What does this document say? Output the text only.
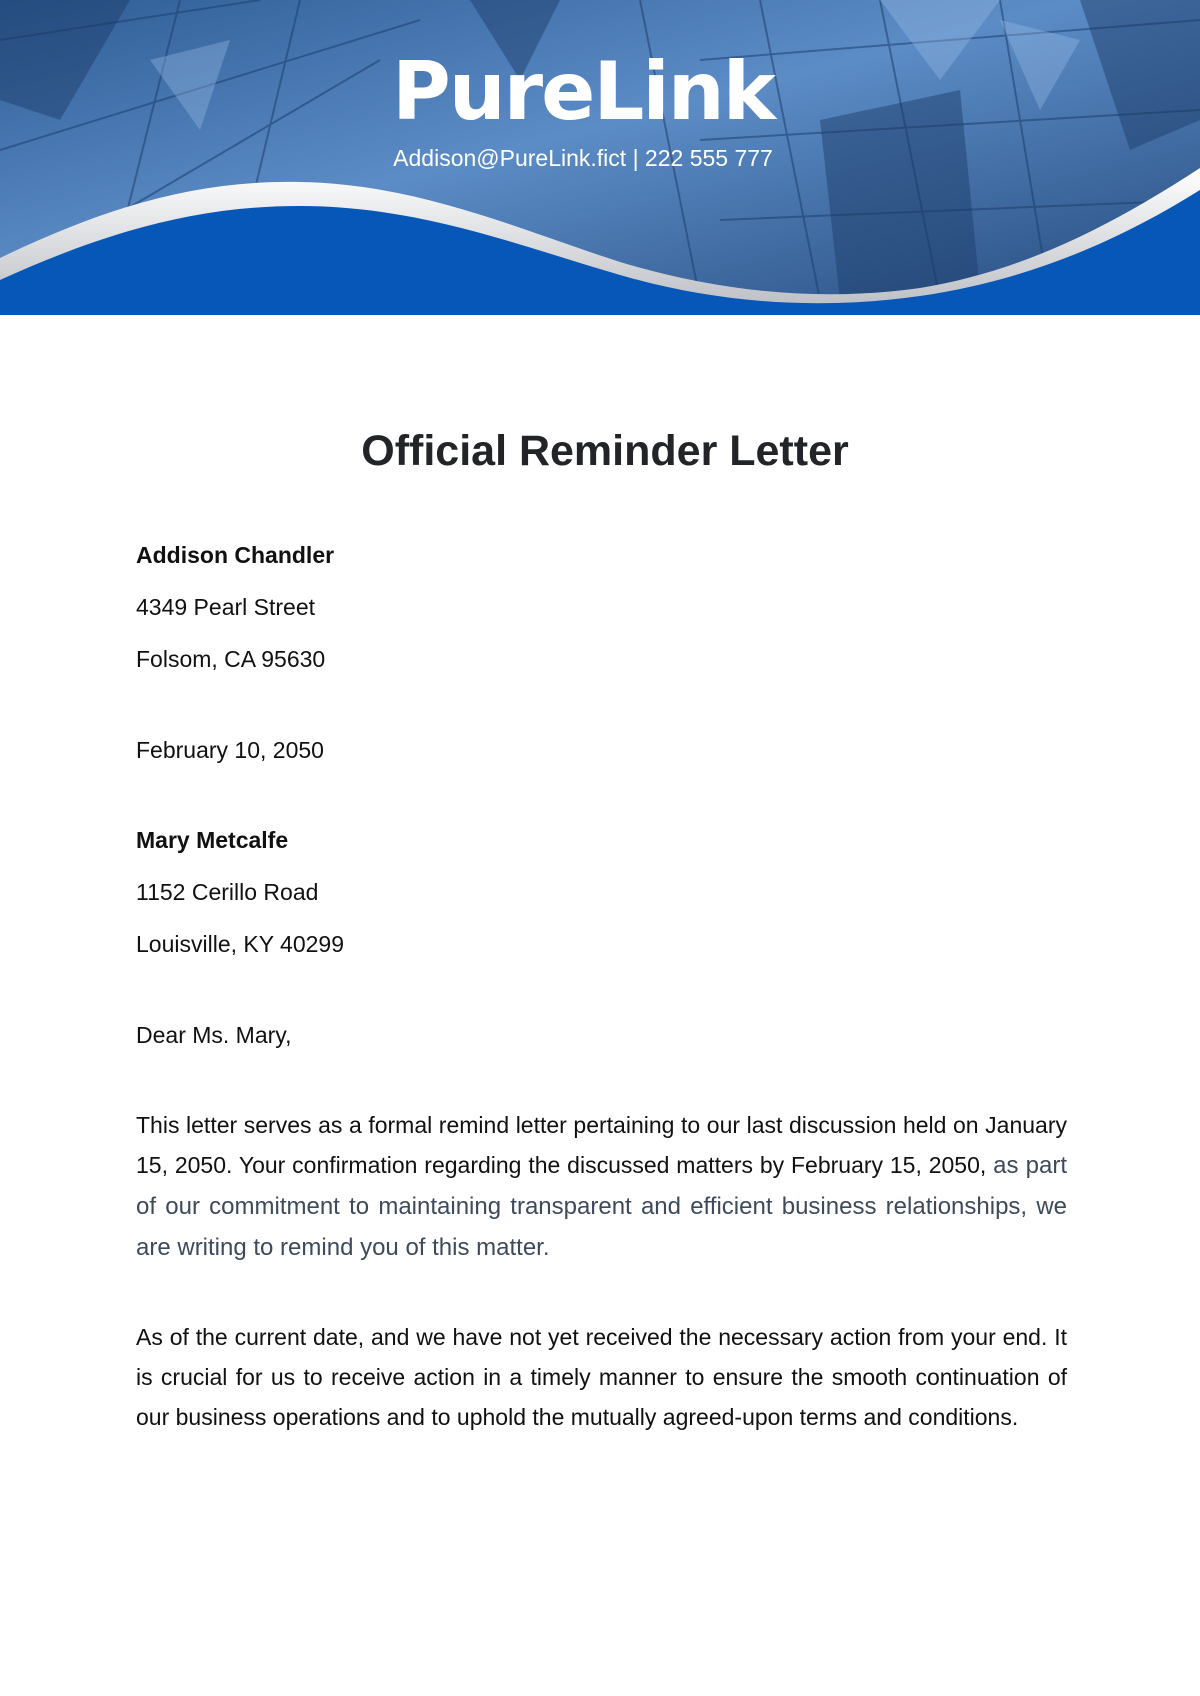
PureLink
Addison@PureLink.fict | 222 555 777
Official Reminder Letter
Addison Chandler
4349 Pearl Street
Folsom, CA 95630
February 10, 2050
Mary Metcalfe
1152 Cerillo Road
Louisville, KY 40299
Dear Ms. Mary,
This letter serves as a formal remind letter pertaining to our last discussion held on January 15, 2050. Your confirmation regarding the discussed matters by February 15, 2050, as part of our commitment to maintaining transparent and efficient business relationships, we are writing to remind you of this matter.
As of the current date, and we have not yet received the necessary action from your end. It is crucial for us to receive action in a timely manner to ensure the smooth continuation of our business operations and to uphold the mutually agreed-upon terms and conditions.
